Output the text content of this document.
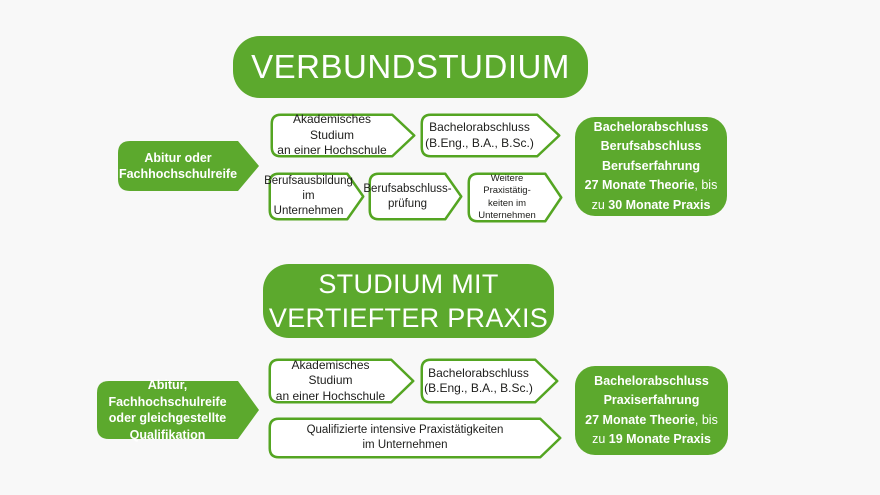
VERBUNDSTUDIUM
Abitur oder
Fachhochschulreife
Akademisches Studium
an einer Hochschule
Bachelorabschluss
(B.Eng., B.A., B.Sc.)
Berufsausbildung
im Unternehmen
Berufsabschluss-
prüfung
Weitere Praxistätig-
keiten im
Unternehmen
Bachelorabschluss
Berufsabschluss
Berufserfahrung
27 Monate Theorie, bis
zu 30 Monate Praxis
STUDIUM MIT
VERTIEFTER PRAXIS
Abitur, Fachhochschulreife
oder gleichgestellte
Qualifikation
Akademisches Studium
an einer Hochschule
Bachelorabschluss
(B.Eng., B.A., B.Sc.)
Qualifizierte intensive Praxistätigkeiten
im Unternehmen
Bachelorabschluss
Praxiserfahrung
27 Monate Theorie, bis
zu 19 Monate Praxis
